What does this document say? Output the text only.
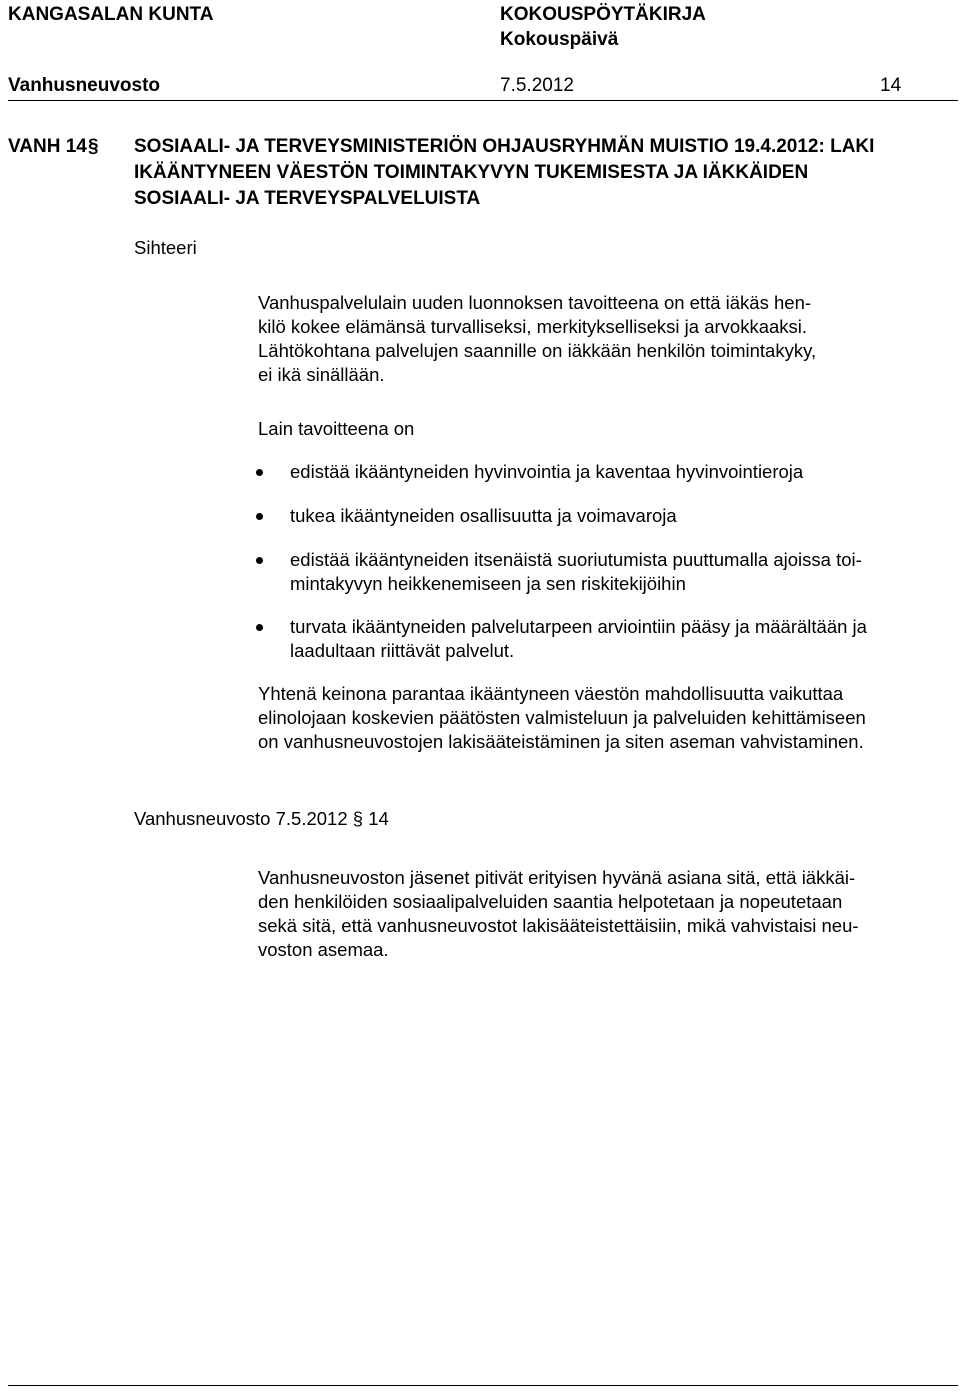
KANGASALAN KUNTA	KOKOUSPÖYTÄKIRJA
Kokouspäivä
Vanhusneuvosto	7.5.2012	14
VANH 14 § SOSIAALI- JA TERVEYSMINISTERIÖN OHJAUSRYHMÄN MUISTIO 19.4.2012: LAKI
IKÄÄNTYNEEN VÄESTÖN TOIMINTAKYVYN TUKEMISESTA JA IÄKKÄIDEN
SOSIAALI- JA TERVEYSPALVELUISTA
Sihteeri
Vanhuspalvelulain uuden luonnoksen tavoitteena on että iäkäs hen-
kilö kokee elämänsä turvalliseksi, merkitykselliseksi ja arvokkaaksi.
Lähtökohtana palvelujen saannille on iäkkään henkilön toimintakyky,
ei ikä sinällään.
Lain tavoitteena on
edistää ikääntyneiden hyvinvointia ja kaventaa hyvinvointieroja
tukea ikääntyneiden osallisuutta ja voimavaroja
edistää ikääntyneiden itsenäistä suoriutumista puuttumalla ajoissa toi-
mintakyvyn heikkenemiseen ja sen riskitekijöihin
turvata ikääntyneiden palvelutarpeen arviointiin pääsy ja määrältään ja
laadultaan riittävät palvelut.
Yhtenä keinona parantaa ikääntyneen väestön mahdollisuutta vaikuttaa
elinolojaan koskevien päätösten valmisteluun ja palveluiden kehittämiseen
on vanhusneuvostojen lakisääteistäminen ja siten aseman vahvistaminen.
Vanhusneuvosto 7.5.2012 § 14
Vanhusneuvoston jäsenet pitivät erityisen hyvänä asiana sitä, että iäkkäi-
den henkilöiden sosiaalipalveluiden saantia helpotetaan ja nopeutetaan
sekä sitä, että vanhusneuvostot lakisääteistettäisiin, mikä vahvistaisi neu-
voston asemaa.
